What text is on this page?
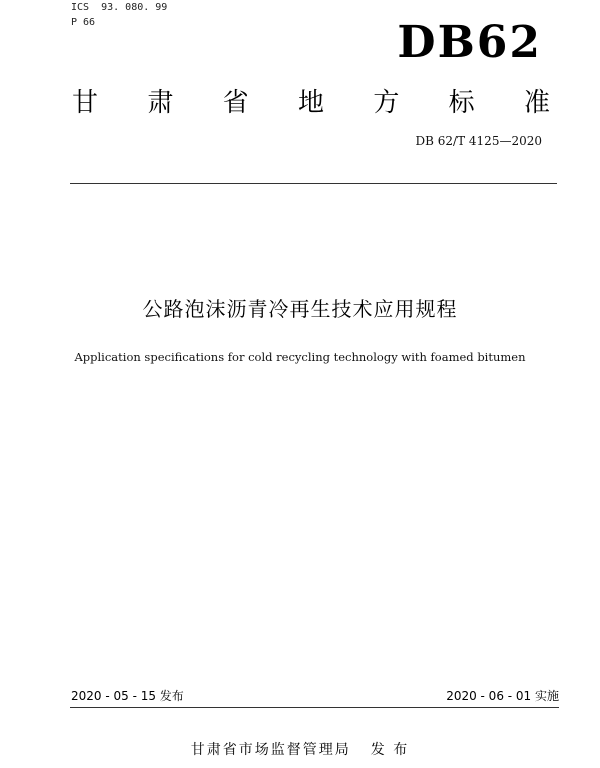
ICS  93. 080. 99
P 66	DB62
甘 肃 省 地 方 标 准
DB 62/T 4125—2020
公路泡沫沥青冷再生技术应用规程
Application specifications for cold recycling technology with foamed bitumen
2020 - 05 - 15 发布	2020 - 06 - 01 实施
甘肃省市场监督管理局 发 布
